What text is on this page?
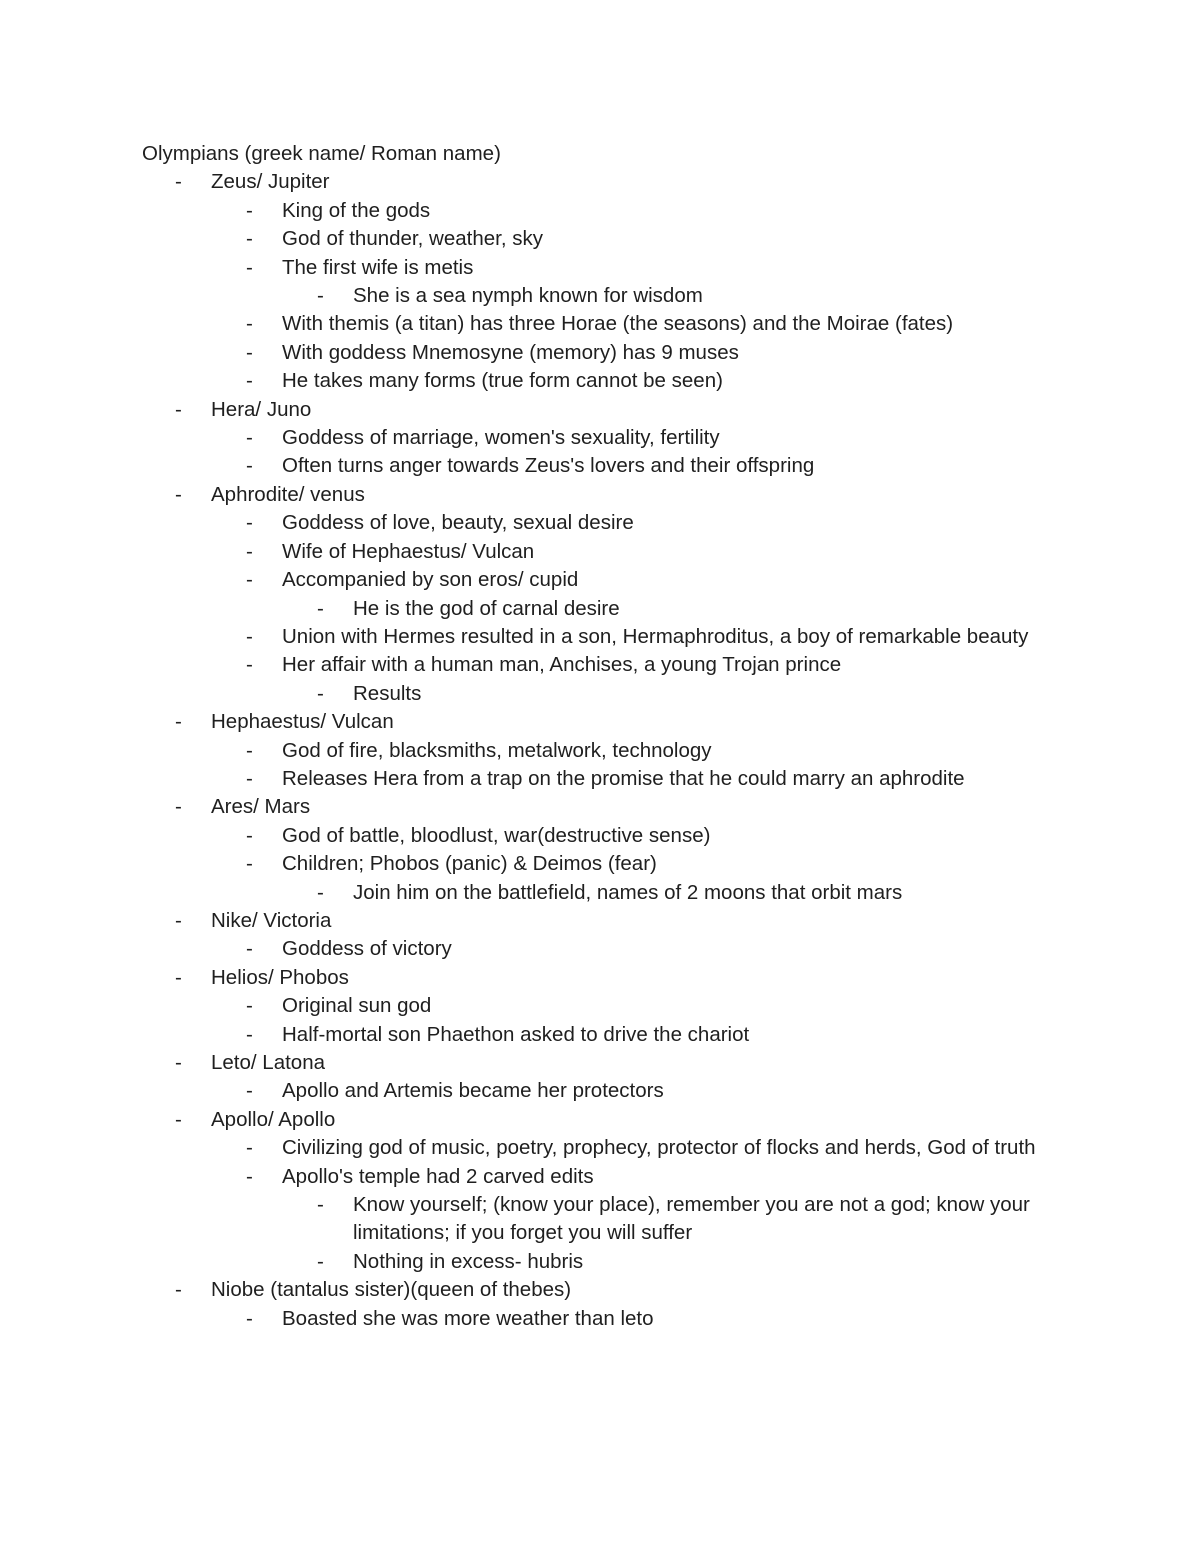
Olympians (greek name/ Roman name)
- Zeus/ Jupiter
- King of the gods
- God of thunder, weather, sky
- The first wife is metis
- She is a sea nymph known for wisdom
- With themis (a titan) has three Horae (the seasons) and the Moirae (fates)
- With goddess Mnemosyne (memory) has 9 muses
- He takes many forms (true form cannot be seen)
- Hera/ Juno
- Goddess of marriage, women's sexuality, fertility
- Often turns anger towards Zeus's lovers and their offspring
- Aphrodite/ venus
- Goddess of love, beauty, sexual desire
- Wife of Hephaestus/ Vulcan
- Accompanied by son eros/ cupid
- He is the god of carnal desire
- Union with Hermes resulted in a son, Hermaphroditus, a boy of remarkable beauty
- Her affair with a human man, Anchises, a young Trojan prince
- Results
- Hephaestus/ Vulcan
- God of fire, blacksmiths, metalwork, technology
- Releases Hera from a trap on the promise that he could marry an aphrodite
- Ares/ Mars
- God of battle, bloodlust, war(destructive sense)
- Children; Phobos (panic) & Deimos (fear)
- Join him on the battlefield, names of 2 moons that orbit mars
- Nike/ Victoria
- Goddess of victory
- Helios/ Phobos
- Original sun god
- Half-mortal son Phaethon asked to drive the chariot
- Leto/ Latona
- Apollo and Artemis became her protectors
- Apollo/ Apollo
- Civilizing god of music, poetry, prophecy, protector of flocks and herds, God of truth
- Apollo's temple had 2 carved edits
- Know yourself; (know your place), remember you are not a god; know your limitations; if you forget you will suffer
- Nothing in excess- hubris
- Niobe (tantalus sister)(queen of thebes)
- Boasted she was more weather than leto
